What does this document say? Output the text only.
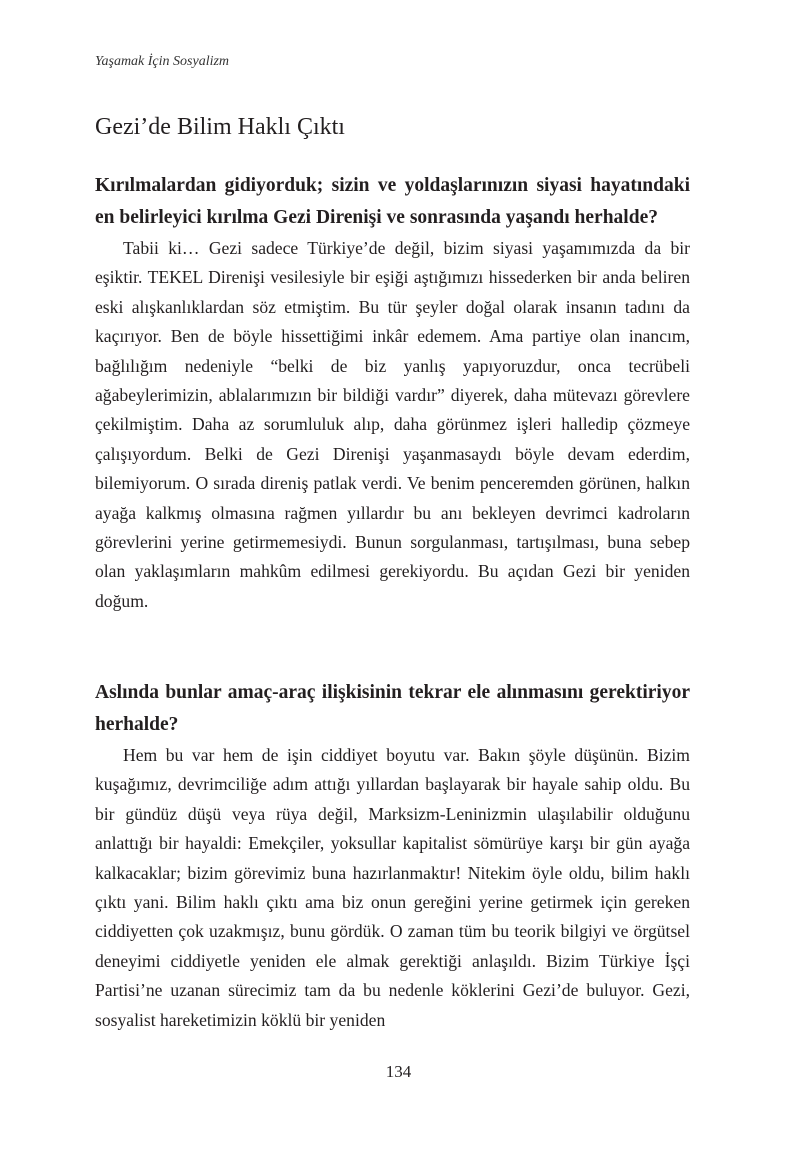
Yaşamak İçin Sosyalizm
Gezi’de Bilim Haklı Çıktı

Kırılmalardan gidiyorduk; sizin ve yoldaşlarınızın siyasi hayatındaki en belirleyici kırılma Gezi Direnişi ve sonrasında yaşandı herhalde?

Tabii ki… Gezi sadece Türkiye’de değil, bizim siyasi yaşamımızda da bir eşiktir. TEKEL Direnişi vesilesiyle bir eşiği aştığımızı hissederken bir anda beliren eski alışkanlıklardan söz etmiştim. Bu tür şeyler doğal olarak insanın tadını da kaçırıyor. Ben de böyle hissettiğimi inkâr edemem. Ama partiye olan inancım, bağlılığım nedeniyle “belki de biz yanlış yapıyoruzdur, onca tecrübeli ağabeylerimizin, ablalarımızın bir bildiği vardır” diyerek, daha mütevazı görevlere çekilmiştim. Daha az sorumluluk alıp, daha görünmez işleri halledip çözmeye çalışıyordum. Belki de Gezi Direnişi yaşanmasaydı böyle devam ederdim, bilemiyorum. O sırada direniş patlak verdi. Ve benim penceremden görünen, halkın ayağa kalkmış olmasına rağmen yıllardır bu anı bekleyen devrimci kadroların görevlerini yerine getirmemesiydi. Bunun sorgulanması, tartışılması, buna sebep olan yaklaşımların mahkûm edilmesi gerekiyordu. Bu açıdan Gezi bir yeniden doğum.

Aslında bunlar amaç-araç ilişkisinin tekrar ele alınmasını gerektiriyor herhalde?

Hem bu var hem de işin ciddiyet boyutu var. Bakın şöyle düşünün. Bizim kuşağımız, devrimciliğe adım attığı yıllardan başlayarak bir hayale sahip oldu. Bu bir gündüz düşü veya rüya değil, Marksizm-Leninizmin ulaşılabilir olduğunu anlattığı bir hayaldi: Emekçiler, yoksullar kapitalist sömürüye karşı bir gün ayağa kalkacaklar; bizim görevimiz buna hazırlanmaktır! Nitekim öyle oldu, bilim haklı çıktı yani. Bilim haklı çıktı ama biz onun gereğini yerine getirmek için gereken ciddiyetten çok uzakmışız, bunu gördük. O zaman tüm bu teorik bilgiyi ve örgütsel deneyimi ciddiyetle yeniden ele almak gerektiği anlaşıldı. Bizim Türkiye İşçi Partisi’ne uzanan sürecimiz tam da bu nedenle köklerini Gezi’de buluyor. Gezi, sosyalist hareketimizin köklü bir yeniden

134
